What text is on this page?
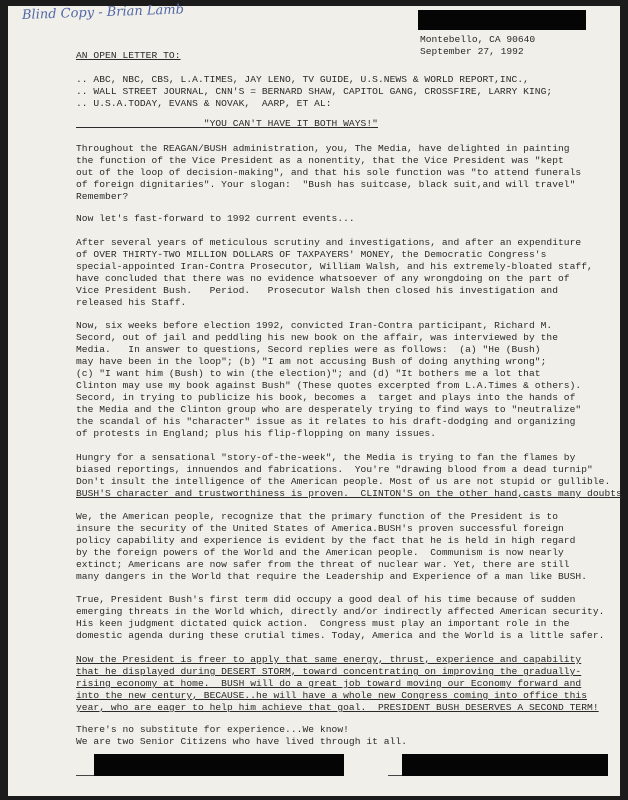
Blind Copy - Brian Lamb
Montebello, CA 90640
September 27, 1992
AN OPEN LETTER TO:
.. ABC, NBC, CBS, L.A.TIMES, JAY LENO, TV GUIDE, U.S.NEWS & WORLD REPORT,INC.,
.. WALL STREET JOURNAL, CNN'S = BERNARD SHAW, CAPITOL GANG, CROSSFIRE, LARRY KING;
.. U.S.A.TODAY, EVANS & NOVAK,  AARP, ET AL:
"YOU CAN'T HAVE IT BOTH WAYS!"
Throughout the REAGAN/BUSH administration, you, The Media, have delighted in painting
the function of the Vice President as a nonentity, that the Vice President was "kept
out of the loop of decision-making", and that his sole function was "to attend funerals
of foreign dignitaries". Your slogan:  "Bush has suitcase, black suit,and will travel"
Remember?
Now let's fast-forward to 1992 current events...
After several years of meticulous scrutiny and investigations, and after an expenditure
of OVER THIRTY-TWO MILLION DOLLARS OF TAXPAYERS' MONEY, the Democratic Congress's
special-appointed Iran-Contra Prosecutor, William Walsh, and his extremely-bloated staff,
have concluded that there was no evidence whatsoever of any wrongdoing on the part of
Vice President Bush.   Period.   Prosecutor Walsh then closed his investigation and
released his Staff.
Now, six weeks before election 1992, convicted Iran-Contra participant, Richard M.
Secord, out of jail and peddling his new book on the affair, was interviewed by the
Media.   In answer to questions, Secord replies were as follows:  (a) "He (Bush)
may have been in the loop"; (b) "I am not accusing Bush of doing anything wrong";
(c) "I want him (Bush) to win (the election)"; and (d) "It bothers me a lot that
Clinton may use my book against Bush" (These quotes excerpted from L.A.Times & others).
Secord, in trying to publicize his book, becomes a  target and plays into the hands of
the Media and the Clinton group who are desperately trying to find ways to "neutralize"
the scandal of his "character" issue as it relates to his draft-dodging and organizing
of protests in England; plus his flip-flopping on many issues.
Hungry for a sensational "story-of-the-week", the Media is trying to fan the flames by
biased reportings, innuendos and fabrications.  You're "drawing blood from a dead turnip"
Don't insult the intelligence of the American people. Most of us are not stupid or gullible.
BUSH'S character and trustworthiness is proven.  CLINTON'S on the other hand,casts many doubts
We, the American people, recognize that the primary function of the President is to
insure the security of the United States of America.BUSH's proven successful foreign
policy capability and experience is evident by the fact that he is held in high regard
by the foreign powers of the World and the American people.  Communism is now nearly
extinct; Americans are now safer from the threat of nuclear war. Yet, there are still
many dangers in the World that require the Leadership and Experience of a man like BUSH.
True, President Bush's first term did occupy a good deal of his time because of sudden
emerging threats in the World which, directly and/or indirectly affected American security.
His keen judgment dictated quick action.  Congress must play an important role in the
domestic agenda during these crutial times. Today, America and the World is a little safer.
Now the President is freer to apply that same energy, thrust, experience and capability
that he displayed during DESERT STORM, toward concentrating on improving the gradually-
rising economy at home.  BUSH will do a great job toward moving our Economy forward and
into the new century, BECAUSE..he will have a whole new Congress coming into office this
year, who are eager to help him achieve that goal.  PRESIDENT BUSH DESERVES A SECOND TERM!
There's no substitute for experience...We know!
We are two Senior Citizens who have lived through it all.
